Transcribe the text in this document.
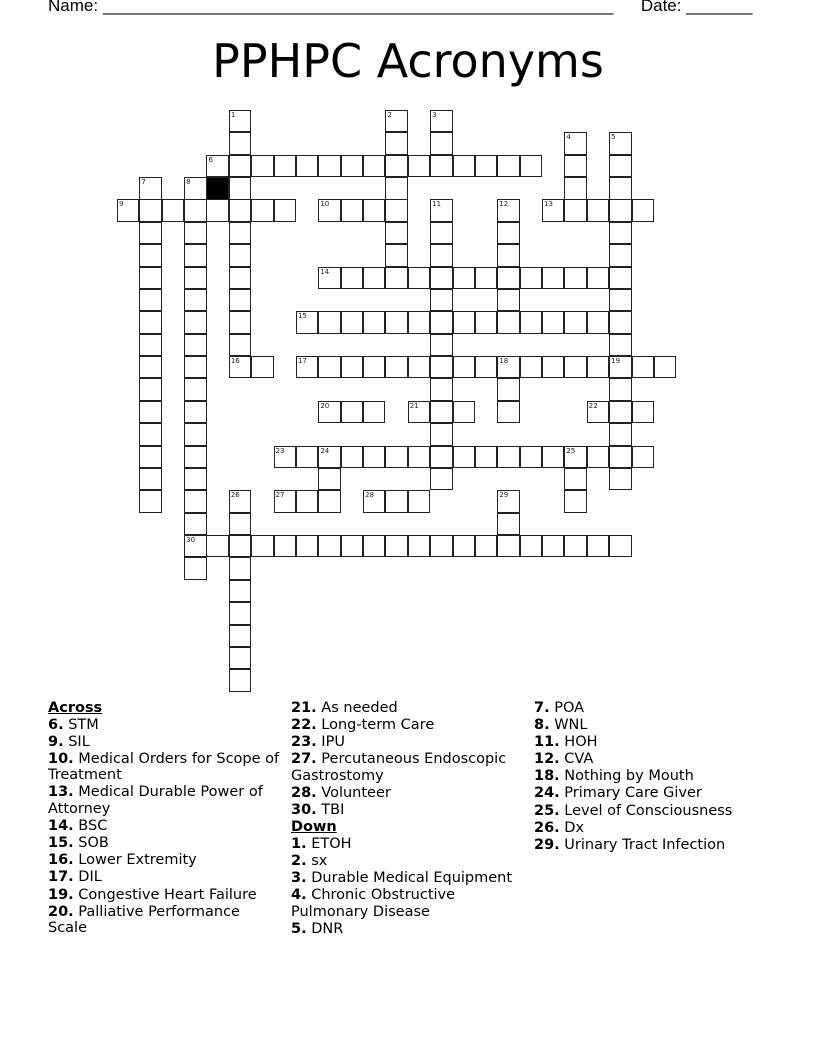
Name: ______________________________________________________ Date: _______
PPHPC Acronyms
1
16
2	3
4	5
19
6
7	8
30
9	10	11	12	13
14
15
17	18
20	21	22
23	24	25
26	27	28	29
Across
6. STM
9. SIL
10. Medical Orders for Scope of Treatment
13. Medical Durable Power of Attorney
14. BSC
15. SOB
16. Lower Extremity
17. DIL
19. Congestive Heart Failure
20. Palliative Performance Scale
21. As needed
22. Long-term Care
23. IPU
27. Percutaneous Endoscopic Gastrostomy
28. Volunteer
30. TBI
Down
1. ETOH
2. sx
3. Durable Medical Equipment
4. Chronic Obstructive Pulmonary Disease
5. DNR
7. POA
8. WNL
11. HOH
12. CVA
18. Nothing by Mouth
24. Primary Care Giver
25. Level of Consciousness
26. Dx
29. Urinary Tract Infection
